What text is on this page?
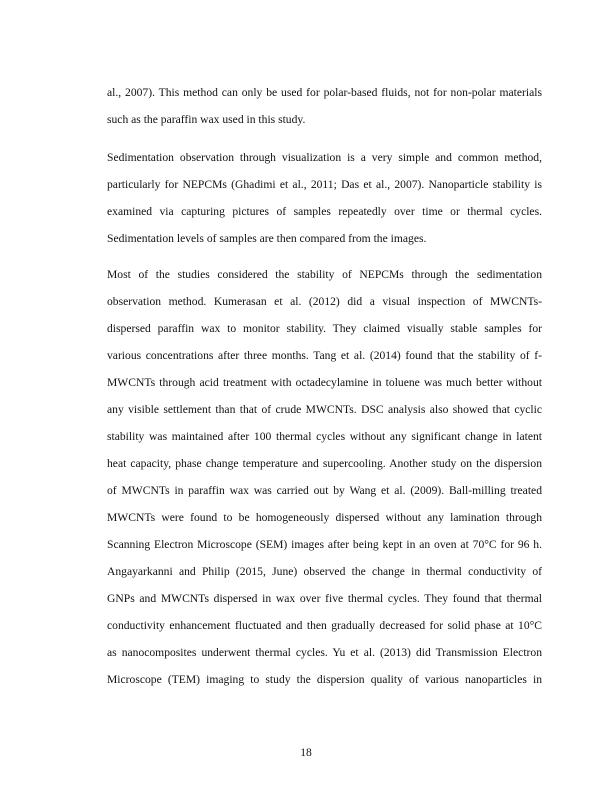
al., 2007). This method can only be used for polar-based fluids, not for non-polar materials
such as the paraffin wax used in this study.
Sedimentation observation through visualization is a very simple and common method,
particularly for NEPCMs (Ghadimi et al., 2011; Das et al., 2007). Nanoparticle stability is
examined via capturing pictures of samples repeatedly over time or thermal cycles.
Sedimentation levels of samples are then compared from the images.
Most of the studies considered the stability of NEPCMs through the sedimentation
observation method. Kumerasan et al. (2012) did a visual inspection of MWCNTs-
dispersed paraffin wax to monitor stability. They claimed visually stable samples for
various concentrations after three months. Tang et al. (2014) found that the stability of f-
MWCNTs through acid treatment with octadecylamine in toluene was much better without
any visible settlement than that of crude MWCNTs. DSC analysis also showed that cyclic
stability was maintained after 100 thermal cycles without any significant change in latent
heat capacity, phase change temperature and supercooling. Another study on the dispersion
of MWCNTs in paraffin wax was carried out by Wang et al. (2009). Ball-milling treated
MWCNTs were found to be homogeneously dispersed without any lamination through
Scanning Electron Microscope (SEM) images after being kept in an oven at 70°C for 96 h.
Angayarkanni and Philip (2015, June) observed the change in thermal conductivity of
GNPs and MWCNTs dispersed in wax over five thermal cycles. They found that thermal
conductivity enhancement fluctuated and then gradually decreased for solid phase at 10°C
as nanocomposites underwent thermal cycles. Yu et al. (2013) did Transmission Electron
Microscope (TEM) imaging to study the dispersion quality of various nanoparticles in
18
